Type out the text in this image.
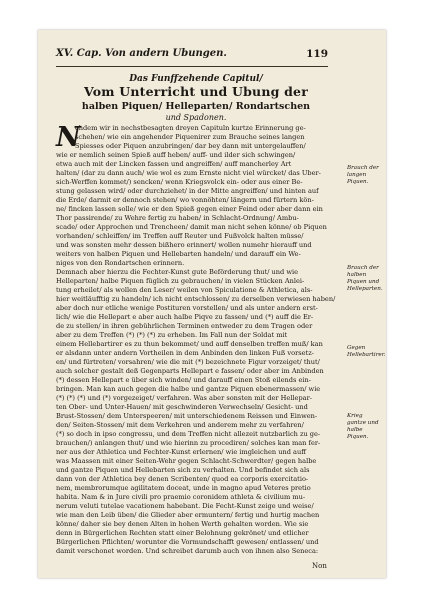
XV. Cap. Von andern Ubungen.	119
Das Funffzehende Capitul/
Vom Unterricht und Ubung der
halben Piquen/ Helleparten/ Rondartschen
und Spadonen.
N
chdem wir in nechstbesagten dreyen Capituln kurtze Erinnerung ge-
schehen/ wie ein angehender Piquenirer zum Brauche seines langen
Spiesses oder Piquen anzubringen/ dar bey dann mit untergelauffen/
wie er nemlich seinen Spieß auff heben/ auff- und ilder sich schwingen/
etwa auch mit der Lincken fassen und angreiffen/ auff mancherley Art
halten/ (dar zu dann auch/ wie wol es zum Ernste nicht viel würcket/ das Uber-
sich-Werffen kommet/) sencken/ wenn Kriegsvolck ein- oder aus einer Be-
stung gelassen wird/ oder durchziehet/ in der Mitte angreiffen/ und hinten auf
die Erde/ darmit er dennoch stehen/ wo vonnöhten/ längern und fürtern kön-
ne/ fincken lassen solle/ wie er den Spieß gegen einer Feind oder aber dann ein
Thor passirende/ zu Wehre fertig zu haben/ in Schlacht-Ordnung/ Ambu-
scade/ oder Approchen und Trencheen/ damit man nicht sehen könne/ ob Piquen
vorhanden/ schleiffen/ im Treffen auff Reuter und Fußvolck halten müsse/
und was sonsten mehr dessen bißhero erinnert/ wollen numehr hierauff und
weiters von halben Piquen und Hellebarten handeln/ und darauff ein We-
niges von den Rondartschen erinnern.
Demnach aber hierzu die Fechter-Kunst gute Beförderung thut/ und wie
Helleparten/ halbe Piquen füglich zu gebrauchen/ in vielen Stücken Anlei-
tung erheilet/ als wollen den Leser/ weilen von Spiculatione & Athletica, als-
hier weitläufftig zu handeln/ ich nicht entschlossen/ zu derselben verwiesen haben/
aber doch nur etliche wenige Postituren vorstellen/ und als unter andern erst-
lich/ wie die Hellepart e aber auch halbe Piqve zu fassen/ und (*) auff die Er-
de zu stellen/ in ihren gebührlichen Terminen entweder zu dem Tragen oder
aber zu dem Treffen (*) (*) (*) zu erheben. Im Fall nun der Soldat mit
einem Hellebartirer es zu thun bekommet/ und auff denselben treffen muß/ kan
er alsdann unter andern Vortheilen in dem Anbinden den linken Fuß vorsetz-
en/ und fürtreten/ vorsahren/ wie die mit (*) bezeichnete Figur vorzeiget/ thut/
auch solcher gestalt deß Gegenparts Hellepart e fassen/ oder aber im Anbinden
(*) dessen Hellepart e über sich winden/ und darauff einen Stoß eilends ein-
bringen. Man kan auch gegen die halbe und gantze Piquen ebenermassen/ wie
(*) (*) (*) und (*) vorgezeiget/ verfahren. Was aber sonsten mit der Hellepar-
ten Ober- und Unter-Hauen/ mit geschwinderen Verwechseln/ Gesicht- und
Brust-Stossen/ dem Unterspeeren/ mit unterschiedenem Reissen und Einwen-
den/ Seiten-Stossen/ mit dem Verkehren und anderem mehr zu verfahren/
(*) so doch in ipso congressu, und dem Treffen nicht allezeit nutzbarlich zu ge-
brauchen/) anlangen thut/ und wie hierinn zu procediren/ solches kan man fer-
ner aus der Athletica und Fechter-Kunst erlernen/ wie imgleichen und auff
was Maassen mit einer Seiten-Wehr gegen Schlacht-Schwerdter/ gegen halbe
und gantze Piquen und Hellebarten sich zu verhalten. Und befindet sich als
dann von der Athletica bey denen Scribenten/ quod ea corporis exercitatio-
nem, membrorumque agilitatem doceat, unde in magno apud Veteres pretio
habita. Nam & in Jure civili pro praemio coronidem athleta & civilium mu-
nerum veluti tutelae vacationem habebant. Die Fecht-Kunst zeige und weise/
wie man den Leib üben/ die Glieder aber ermuntern/ fertig und hurtig machen
könne/ daher sie bey denen Alten in hohen Werth gehalten worden. Wie sie
denn in Bürgerlichen Rechten statt einer Belohnung gekrönet/ und etlicher
Bürgerlichen Pflichten/ worunter die Vormundschafft gewesen/ entlassen/ und
damit verschonet worden. Und schreibet darumb auch von ihnen also Seneca:
Brauch der langen Piquen.
Brauch der halben Piquen und Helleparten.
Gegen Hellebartirer.
Krieg gantze und halbe Piquen.
Non
